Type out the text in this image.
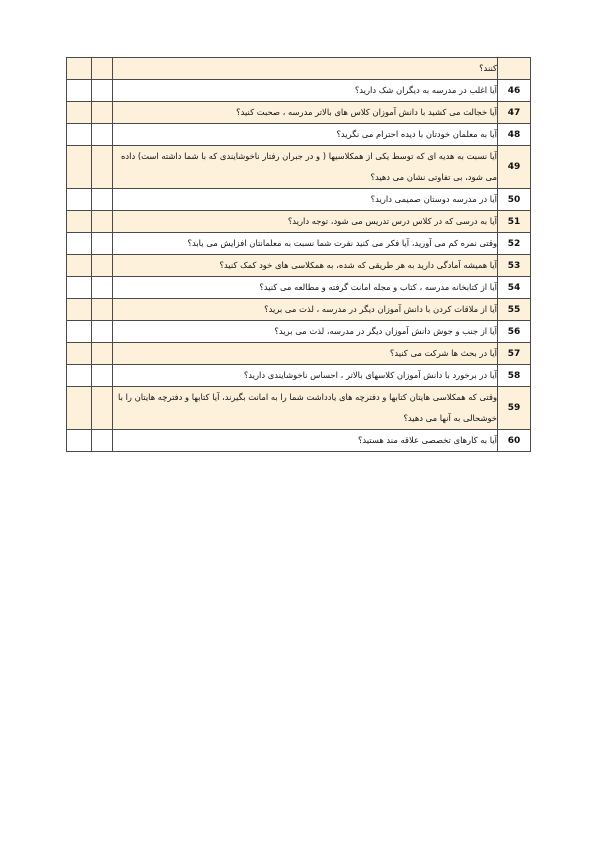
		کنند؟	
		آیا اغلب در مدرسه به دیگران شک دارید؟	46
		آیا خجالت می کشید با دانش آموزان کلاس های بالاتر مدرسه ، صحبت کنید؟	47
		آیا به معلمان خودتان با دیده احترام می نگرید؟	48
		آیا نسبت به هدیه ای که توسط یکی از همکلاسیها ( و در جبران رفتار ناخوشایندی که با شما داشته است) داده می شود، بی تفاوتی نشان می دهید؟	49
		آیا در مدرسه دوستان صمیمی دارید؟	50
		آیا به درسی که در کلاس درس تدریس می شود، توجه دارید؟	51
		وقتی نمره کم می آورید، آیا فکر می کنید نفرت شما نسبت به معلمانتان افزایش می یابد؟	52
		آیا همیشه آمادگی دارید به هر طریقی که شده، به همکلاسی های خود کمک کنید؟	53
		آیا از کتابخانه مدرسه ، کتاب و مجله امانت گرفته و مطالعه می کنید؟	54
		آیا از ملاقات کردن با دانش آموزان دیگر در مدرسه ، لذت می برید؟	55
		آیا از جنب و جوش دانش آموزان دیگر در مدرسه، لذت می برید؟	56
		آیا در بحث ها شرکت می کنید؟	57
		آیا در برخورد با دانش آموزان کلاسهای بالاتر ، احساس ناخوشایندی دارید؟	58
		وقتی که همکلاسی هایتان کتابها و دفترچه های یادداشت شما را به امانت بگیرند، آیا کتابها و دفترچه هایتان را با خوشحالی به آنها می دهید؟	59
		آیا به کارهای تخصصی علاقه مند هستید؟	60
